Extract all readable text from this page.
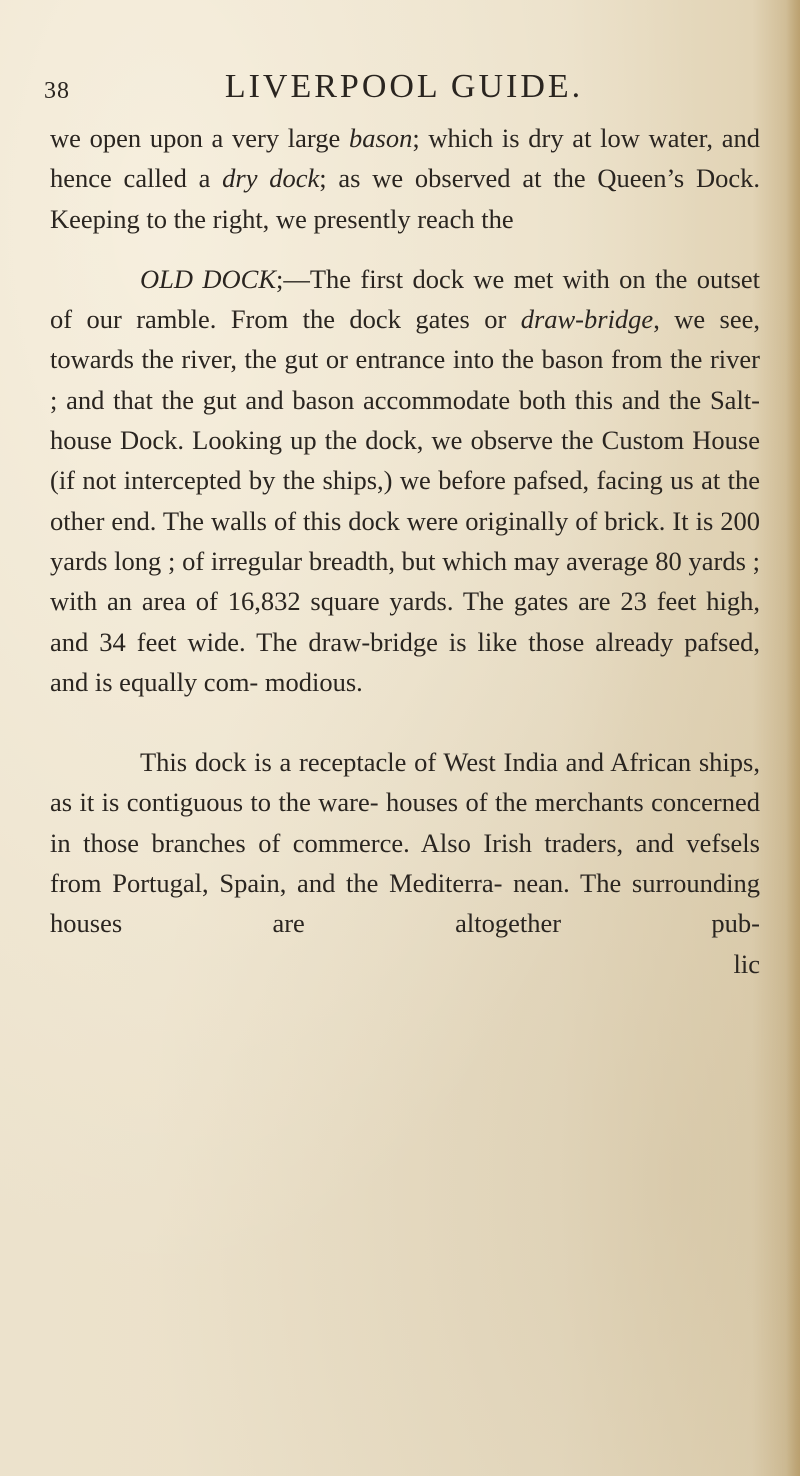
38	LIVERPOOL GUIDE.

we open upon a very large bason; which is dry at low water, and hence called a dry dock; as we observed at the Queen’s Dock. Keeping to the right, we presently reach the

OLD DOCK;—The first dock we met with on the outset of our ramble. From the dock gates or draw-bridge, we see, towards the river, the gut or entrance into the bason from the river ; and that the gut and bason accommodate both this and the Salt-house Dock. Looking up the dock, we observe the Custom House (if not intercepted by the ships,) we before pafsed, facing us at the other end. The walls of this dock were originally of brick. It is 200 yards long ; of irregular breadth, but which may average 80 yards ; with an area of 16,832 square yards. The gates are 23 feet high, and 34 feet wide. The draw-bridge is like those already pafsed, and is equally com- modious.

This dock is a receptacle of West India and African ships, as it is contiguous to the ware- houses of the merchants concerned in those branches of commerce. Also Irish traders, and vefsels from Portugal, Spain, and the Mediterra- nean. The surrounding houses are altogether pub-

lic
